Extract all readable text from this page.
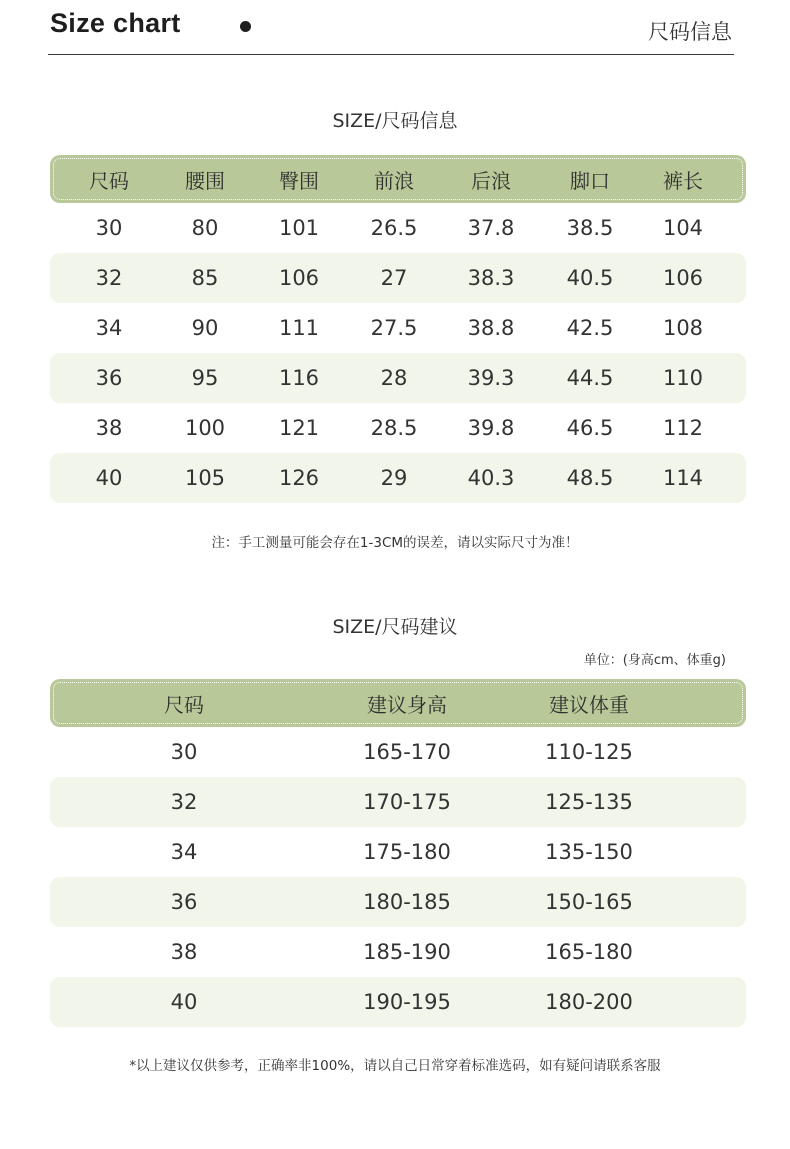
Size chart	尺码信息
SIZE/尺码信息
尺码	腰围	臀围	前浪	后浪	脚口	裤长
30	80	101	26.5	37.8	38.5	104
32	85	106	27	38.3	40.5	106
34	90	111	27.5	38.8	42.5	108
36	95	116	28	39.3	44.5	110
38	100	121	28.5	39.8	46.5	112
40	105	126	29	40.3	48.5	114
注：手工测量可能会存在1-3CM的误差，请以实际尺寸为准！
SIZE/尺码建议
单位：(身高cm、体重g)
尺码	建议身高	建议体重
30	165-170	110-125
32	170-175	125-135
34	175-180	135-150
36	180-185	150-165
38	185-190	165-180
40	190-195	180-200
*以上建议仅供参考，正确率非100%，请以自己日常穿着标准选码，如有疑问请联系客服
